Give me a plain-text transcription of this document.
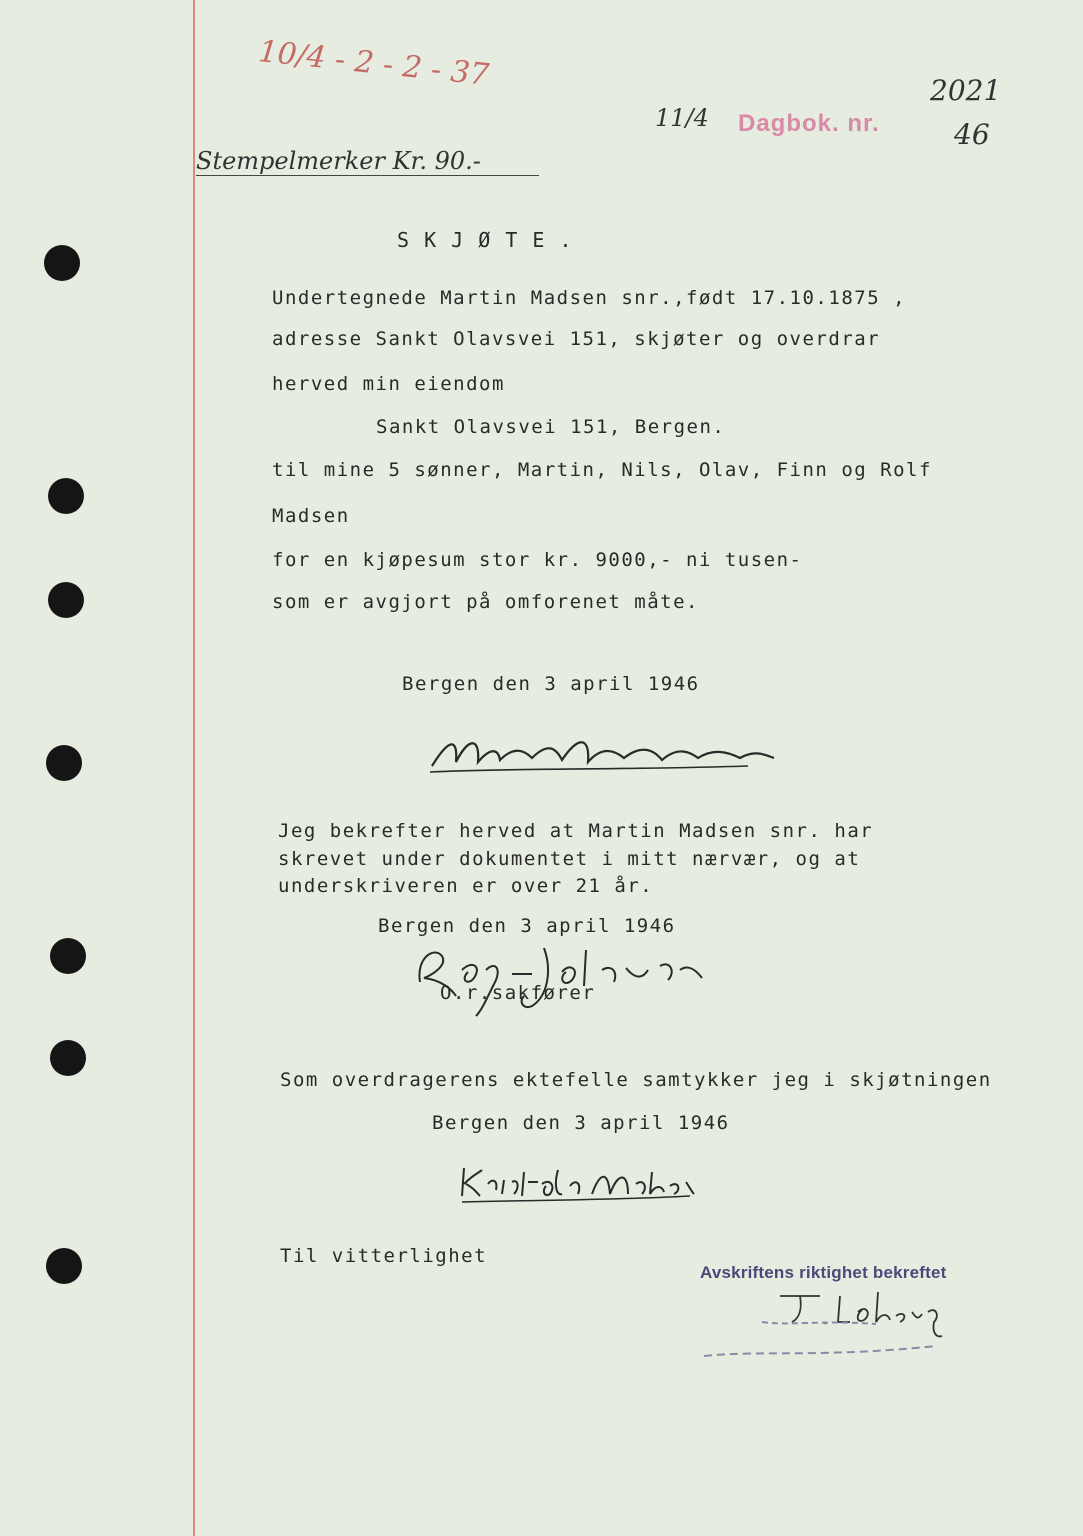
10/4 - 2 - 2 - 37
11/4 Dagbok. nr.
2021
46
Stempelmerker Kr. 90.-
S K J Ø T E .
Undertegnede Martin Madsen snr.,født 17.10.1875 ,
adresse Sankt Olavsvei 151, skjøter og overdrar
herved min eiendom
Sankt Olavsvei 151, Bergen.
til mine 5 sønner, Martin, Nils, Olav, Finn og Rolf
Madsen
for en kjøpesum stor kr. 9000,- ni tusen-
som er avgjort på omforenet måte.
Bergen den 3 april 1946
Jeg bekrefter herved at Martin Madsen snr. har
skrevet under dokumentet i mitt nærvær, og at
underskriveren er over 21 år.
Bergen den 3 april 1946
O.r.sakfører
Som overdragerens ektefelle samtykker jeg i skjøtningen
Bergen den 3 april 1946
Til vitterlighet
Avskriftens riktighet bekreftet
